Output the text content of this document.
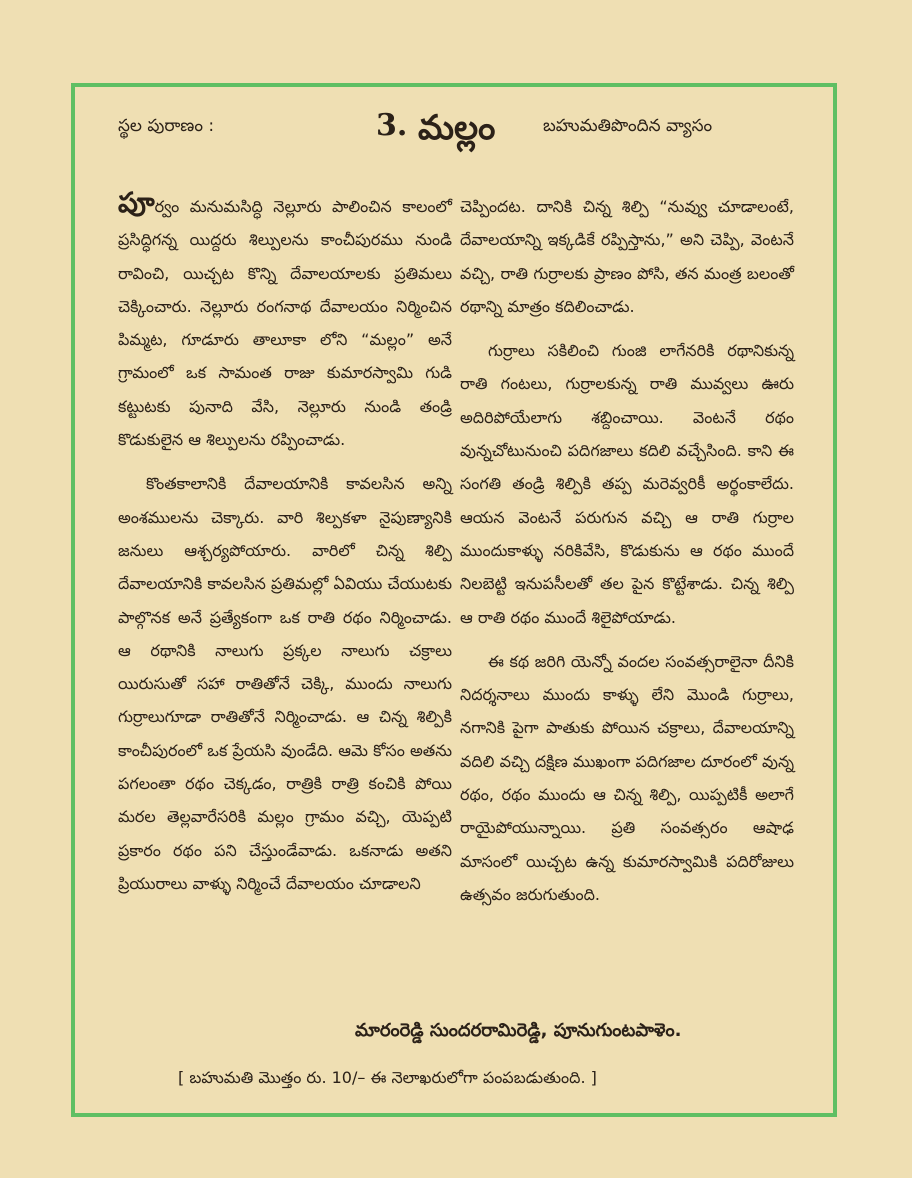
స్థల పురాణం :	3. మల్లం	బహుమతిపొందిన వ్యాసం

పూర్వం మనుమసిద్ధి నెల్లూరు పాలించిన కాలంలో ప్రసిద్ధిగన్న యిద్దరు శిల్పులను కాంచీపురము నుండి రావించి, యిచ్చట కొన్ని దేవాలయాలకు ప్రతిమలు చెక్కించారు. నెల్లూరు రంగనాథ దేవాలయం నిర్మించిన పిమ్మట, గూడూరు తాలూకా లోని “మల్లం” అనే గ్రామంలో ఒక సామంత రాజు కుమారస్వామి గుడి కట్టుటకు పునాది వేసి, నెల్లూరు నుండి తండ్రి కొడుకులైన ఆ శిల్పులను రప్పించాడు.

కొంతకాలానికి దేవాలయానికి కావలసిన అన్ని అంశములను చెక్కారు. వారి శిల్పకళా నైపుణ్యానికి జనులు ఆశ్చర్యపోయారు. వారిలో చిన్న శిల్పి దేవాలయానికి కావలసిన ప్రతిమల్లో ఏవియు చేయుటకు పాల్గొనక అనే ప్రత్యేకంగా ఒక రాతి రథం నిర్మించాడు. ఆ రథానికి నాలుగు ప్రక్కల నాలుగు చక్రాలు యిరుసుతో సహా రాతితోనే చెక్కి, ముందు నాలుగు గుర్రాలుగూడా రాతితోనే నిర్మించాడు. ఆ చిన్న శిల్పికి కాంచీపురంలో ఒక ప్రేయసి వుండేది. ఆమె కోసం అతను పగలంతా రథం చెక్కడం, రాత్రికి రాత్రి కంచికి పోయి మరల తెల్లవారేసరికి మల్లం గ్రామం వచ్చి, యెప్పటి ప్రకారం రథం పని చేస్తుండేవాడు. ఒకనాడు అతని ప్రియురాలు వాళ్ళు నిర్మించే దేవాలయం చూడాలని

చెప్పిందట. దానికి చిన్న శిల్పి “నువ్వు చూడాలంటే, దేవాలయాన్ని ఇక్కడికే రప్పిస్తాను,” అని చెప్పి, వెంటనే వచ్చి, రాతి గుర్రాలకు ప్రాణం పోసి, తన మంత్ర బలంతో రథాన్ని మాత్రం కదిలించాడు.

గుర్రాలు సకిలించి గుంజి లాగేనరికి రథానికున్న రాతి గంటలు, గుర్రాలకున్న రాతి మువ్వలు ఊరు అదిరిపోయేలాగు శబ్దించాయి. వెంటనే రథం వున్నచోటునుంచి పదిగజాలు కదిలి వచ్చేసింది. కాని ఈ సంగతి తండ్రి శిల్పికి తప్ప మరెవ్వరికీ అర్థంకాలేదు. ఆయన వెంటనే పరుగున వచ్చి ఆ రాతి గుర్రాల ముందుకాళ్ళు నరికివేసి, కొడుకును ఆ రథం ముందే నిలబెట్టి ఇనుపసీలతో తల పైన కొట్టేశాడు. చిన్న శిల్పి ఆ రాతి రథం ముందే శిలైపోయాడు.

ఈ కథ జరిగి యెన్నో వందల సంవత్సరాలైనా దీనికి నిదర్శనాలు ముందు కాళ్ళు లేని మొండి గుర్రాలు, నగానికి పైగా పాతుకు పోయిన చక్రాలు, దేవాలయాన్ని వదిలి వచ్చి దక్షిణ ముఖంగా పదిగజాల దూరంలో వున్న రథం, రథం ముందు ఆ చిన్న శిల్పి, యిప్పటికీ అలాగే రాయైపోయున్నాయి. ప్రతి సంవత్సరం ఆషాఢ మాసంలో యిచ్చట ఉన్న కుమారస్వామికి పదిరోజులు ఉత్సవం జరుగుతుంది.

మారంరెడ్డి సుందరరామిరెడ్డి, పూనుగుంటపాళెం.
[ బహుమతి మొత్తం రు. 10/– ఈ నెలాఖరులోగా పంపబడుతుంది. ]
